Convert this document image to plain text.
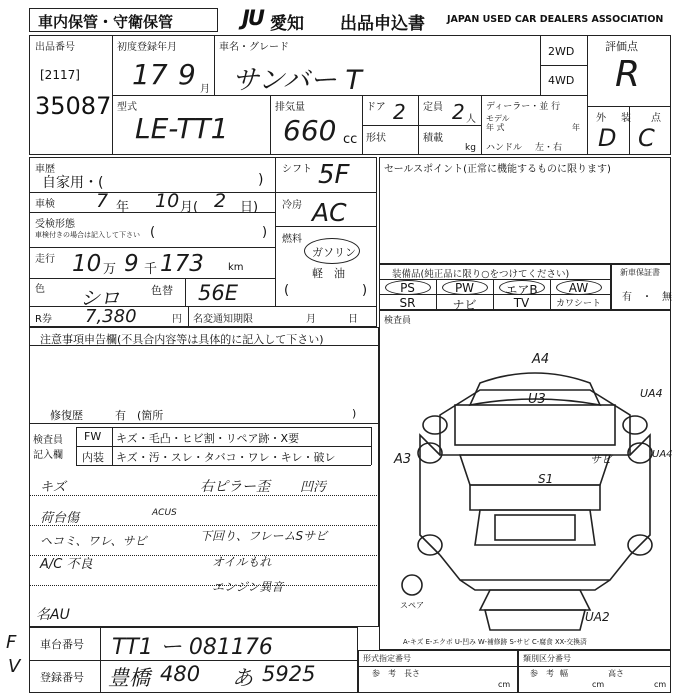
車内保管・守衛保管	JU 愛知 出品申込書 JAPAN USED CAR DEALERS ASSOCIATION
出品番号
[2117]
35087
初度登録年月
17 9 月
車名・グレード
サンバー T
2WD
4WD
評価点
R
外 装 点
D C
型式
LE-TT1
排気量
660 cc
ドア 2 定員 2 人
形状	積載
kg
ディーラー・並 行
モデル
年 式	年
ハンドル 左・右
車歴
自家用・(	)
車検 7 年 10 月( 2 日)
受検形態
車検付きの場合は記入して下さい (	)
走行 10 万 9 千 173 km
色 シロ	色替 56E
シフト 5F
冷房 AC
燃料
ガソリン
軽　油
(	)
R券 7,380	円 名変通知期限	月	日
セールスポイント(正常に機能するものに限ります)
装備品(純正品に限り○をつけてください)
PS	PW	エアB	AW
SR	ナビ	TV	カワシート
新車保証書
有　・　無
検査員
注意事項申告欄(不具合内容等は具体的に記入して下さい)
修復歴	有　(箇所	)
検査員
記入欄
FW キズ・毛凸・ヒビ割・リペア跡・X要
内装 キズ・汚・スレ・タバコ・ワレ・キレ・破レ
キズ	右ピラー歪 凹汚
荷台傷
ヘコミ、ワレ、サビ
ACUS
A/C 不良
下回り、フレームSサビ
オイルもれ
エンジン異音
名AU
F
V
A4
U3	UA4
A3
S1
サビ	UA4
UA2
スペア
A-キズ E-エクボ U-凹み W-補修跡 S-サビ C-腐食 XX-交換済
車台番号 TT1 ー 081176
登録番号 豊橋 480 あ 5925
形式指定番号
参　考 長さ
cm
類別区分番号
参　考 幅
cm
高さ
cm
